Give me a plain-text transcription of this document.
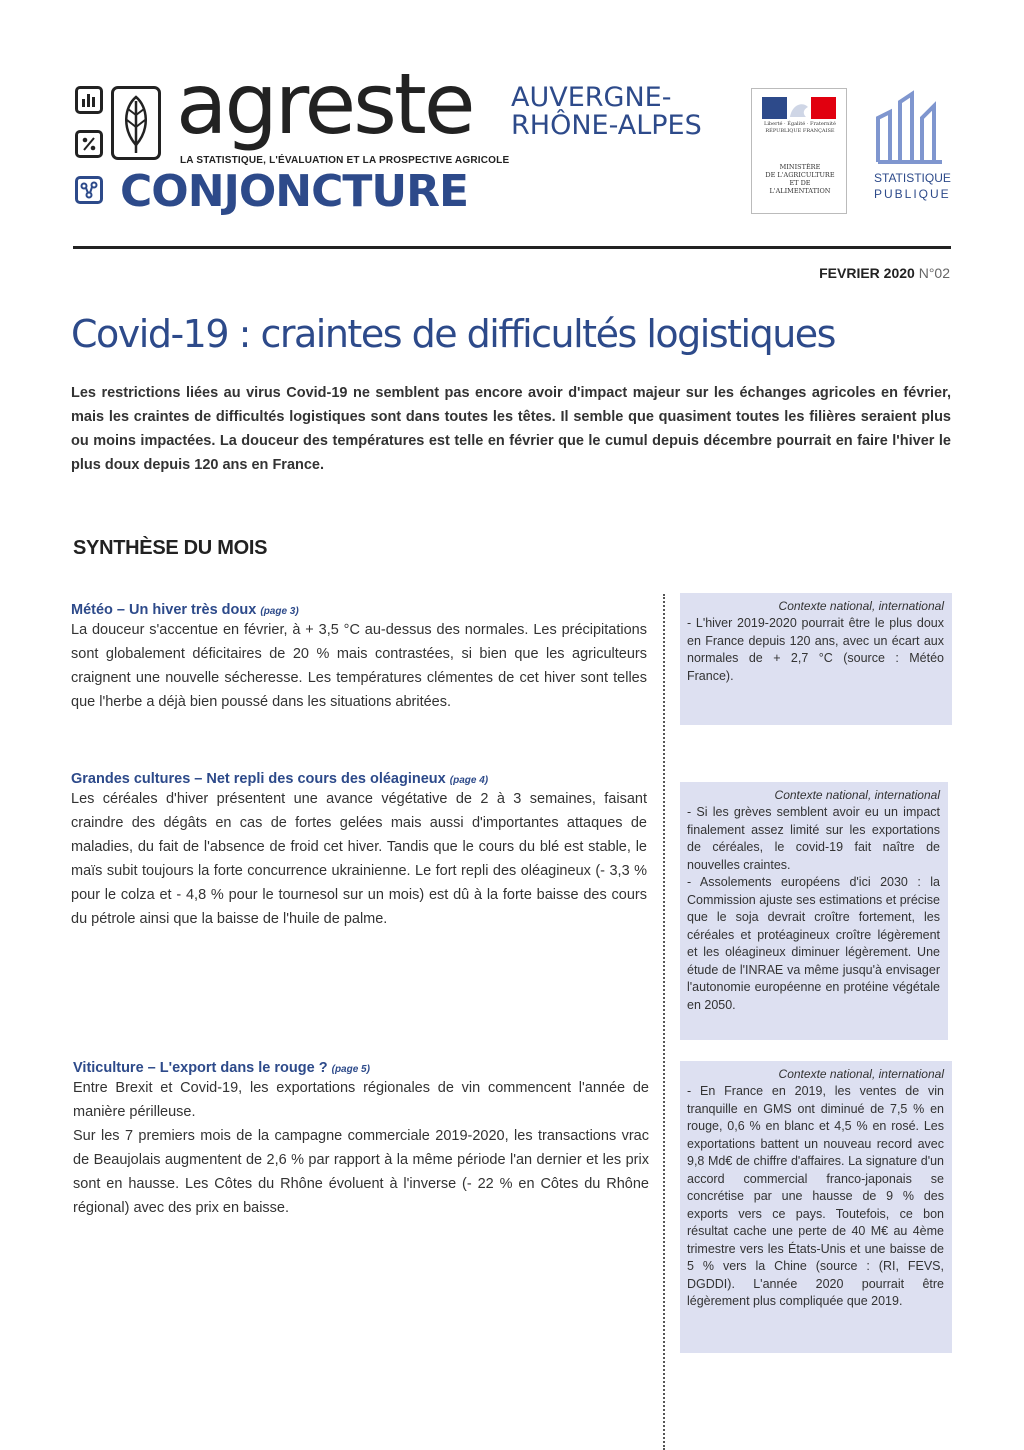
agreste
LA STATISTIQUE, L'ÉVALUATION ET LA PROSPECTIVE AGRICOLE
CONJONCTURE
AUVERGNE-
RHÔNE-ALPES	Liberté · Égalité · Fraternité
RÉPUBLIQUE FRANÇAISE
MINISTÈRE
DE L'AGRICULTURE
ET DE
L'ALIMENTATION
STATISTIQUE
PUBLIQUE
FEVRIER 2020 N°02
Covid-19 : craintes de difficultés logistiques
Les restrictions liées au virus Covid-19 ne semblent pas encore avoir d'impact majeur sur les échanges agricoles en février, mais les craintes de difficultés logistiques sont dans toutes les têtes. Il semble que quasiment toutes les filières seraient plus ou moins impactées. La douceur des températures est telle en février que le cumul depuis décembre pourrait en faire l'hiver le plus doux depuis 120 ans en France.
SYNTHÈSE DU MOIS
Météo – Un hiver très doux (page 3)

La douceur s'accentue en février, à + 3,5 °C au-dessus des normales. Les précipitations sont globalement déficitaires de 20 % mais contrastées, si bien que les agriculteurs craignent une nouvelle sécheresse. Les températures clémentes de cet hiver sont telles que l'herbe a déjà bien poussé dans les situations abritées.

Grandes cultures – Net repli des cours des oléagineux (page 4)

Les céréales d'hiver présentent une avance végétative de 2 à 3 semaines, faisant craindre des dégâts en cas de fortes gelées mais aussi d'importantes attaques de maladies, du fait de l'absence de froid cet hiver. Tandis que le cours du blé est stable, le maïs subit toujours la forte concurrence ukrainienne. Le fort repli des oléagineux (- 3,3 % pour le colza et - 4,8 % pour le tournesol sur un mois) est dû à la forte baisse des cours du pétrole ainsi que la baisse de l'huile de palme.

Viticulture – L'export dans le rouge ? (page 5)

Entre Brexit et Covid-19, les exportations régionales de vin commencent l'année de manière périlleuse.

Sur les 7 premiers mois de la campagne commerciale 2019-2020, les transactions vrac de Beaujolais augmentent de 2,6 % par rapport à la même période l'an dernier et les prix sont en hausse. Les Côtes du Rhône évoluent à l'inverse (- 22 % en Côtes du Rhône régional) avec des prix en baisse.

Contexte national, international

- L'hiver 2019-2020 pourrait être le plus doux en France depuis 120 ans, avec un écart aux normales de + 2,7 °C (source : Météo France).

Contexte national, international

- Si les grèves semblent avoir eu un impact finalement assez limité sur les exportations de céréales, le covid-19 fait naître de nouvelles craintes.

- Assolements européens d'ici 2030 : la Commission ajuste ses estimations et précise que le soja devrait croître fortement, les céréales et protéagineux croître légèrement et les oléagineux diminuer légèrement. Une étude de l'INRAE va même jusqu'à envisager l'autonomie européenne en protéine végétale en 2050.

Contexte national, international

- En France en 2019, les ventes de vin tranquille en GMS ont diminué de 7,5 % en rouge, 0,6 % en blanc et 4,5 % en rosé. Les exportations battent un nouveau record avec 9,8 Md€ de chiffre d'affaires. La signature d'un accord commercial franco-japonais se concrétise par une hausse de 9 % des exports vers ce pays. Toutefois, ce bon résultat cache une perte de 40 M€ au 4ème trimestre vers les États-Unis et une baisse de 5 % vers la Chine (source : (RI, FEVS, DGDDI). L'année 2020 pourrait être légèrement plus compliquée que 2019.
